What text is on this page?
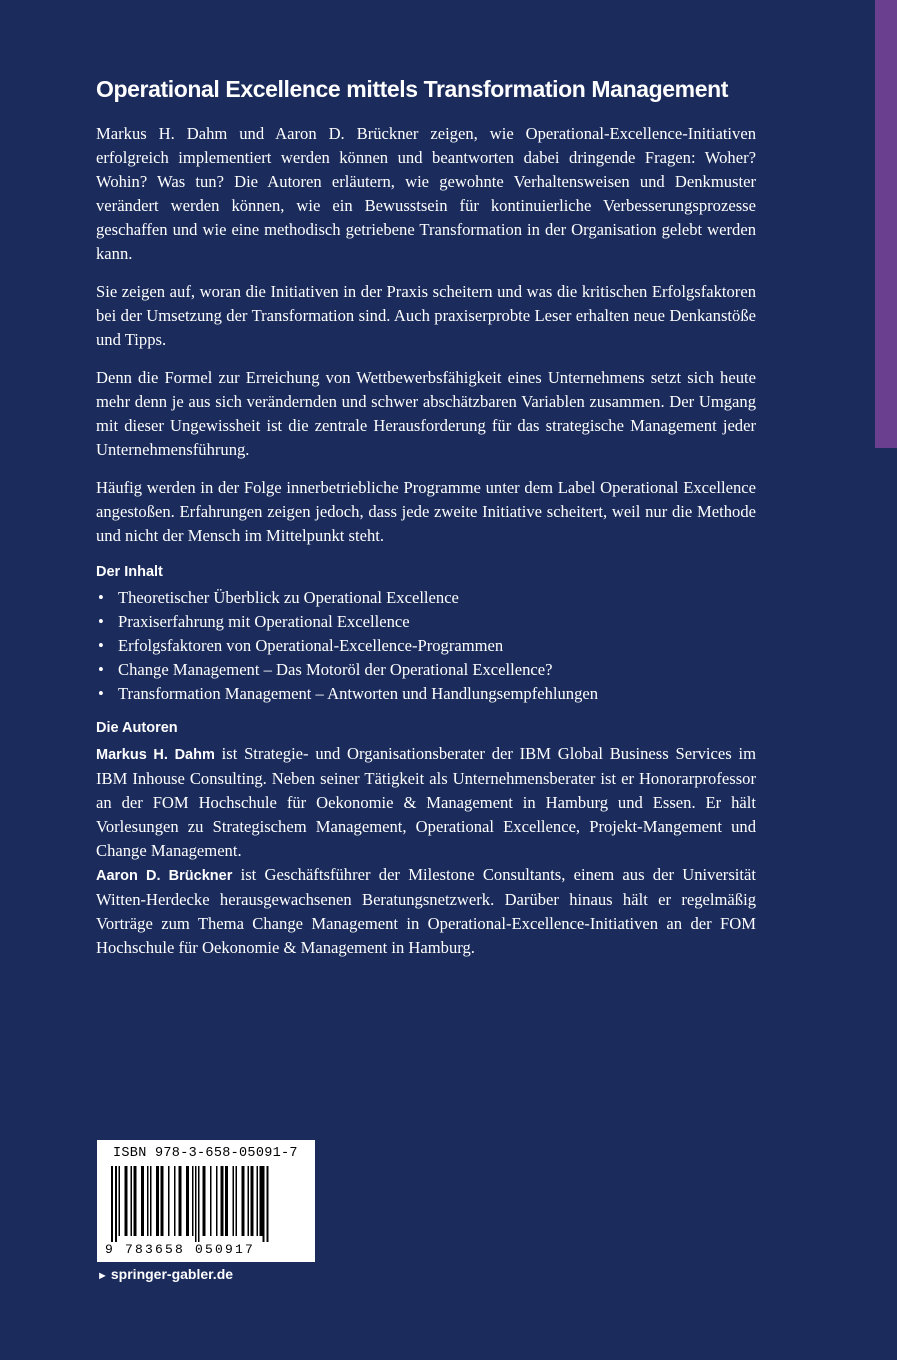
Operational Excellence mittels Transformation Management

Markus H. Dahm und Aaron D. Brückner zeigen, wie Operational-Excellence-Initiativen erfolgreich implementiert werden können und beantworten dabei dringende Fragen: Woher? Wohin? Was tun? Die Autoren erläutern, wie gewohnte Verhaltensweisen und Denkmuster verändert werden können, wie ein Bewusstsein für kontinuierliche Verbesserungsprozesse geschaffen und wie eine methodisch getriebene Transformation in der Organisation gelebt werden kann.

Sie zeigen auf, woran die Initiativen in der Praxis scheitern und was die kritischen Erfolgsfaktoren bei der Umsetzung der Transformation sind. Auch praxiserprobte Leser erhalten neue Denkanstöße und Tipps.

Denn die Formel zur Erreichung von Wettbewerbsfähigkeit eines Unternehmens setzt sich heute mehr denn je aus sich verändernden und schwer abschätzbaren Variablen zusammen. Der Umgang mit dieser Ungewissheit ist die zentrale Herausforderung für das strategische Management jeder Unternehmensführung.

Häufig werden in der Folge innerbetriebliche Programme unter dem Label Operational Excellence angestoßen. Erfahrungen zeigen jedoch, dass jede zweite Initiative scheitert, weil nur die Methode und nicht der Mensch im Mittelpunkt steht.

Der Inhalt
• Theoretischer Überblick zu Operational Excellence
• Praxiserfahrung mit Operational Excellence
• Erfolgsfaktoren von Operational-Excellence-Programmen
• Change Management – Das Motoröl der Operational Excellence?
• Transformation Management – Antworten und Handlungsempfehlungen
Die Autoren

Markus H. Dahm ist Strategie- und Organisationsberater der IBM Global Business Services im IBM Inhouse Consulting. Neben seiner Tätigkeit als Unternehmensberater ist er Honorarprofessor an der FOM Hochschule für Oekonomie & Management in Hamburg und Essen. Er hält Vorlesungen zu Strategischem Management, Operational Excellence, Projekt-Mangement und Change Management.

Aaron D. Brückner ist Geschäftsführer der Milestone Consultants, einem aus der Universität Witten-Herdecke herausgewachsenen Beratungsnetzwerk. Darüber hinaus hält er regelmäßig Vorträge zum Thema Change Management in Operational-Excellence-Initiativen an der FOM Hochschule für Oekonomie & Management in Hamburg.

ISBN 978-3-658-05091-7
9 783658 050917
► springer-gabler.de
